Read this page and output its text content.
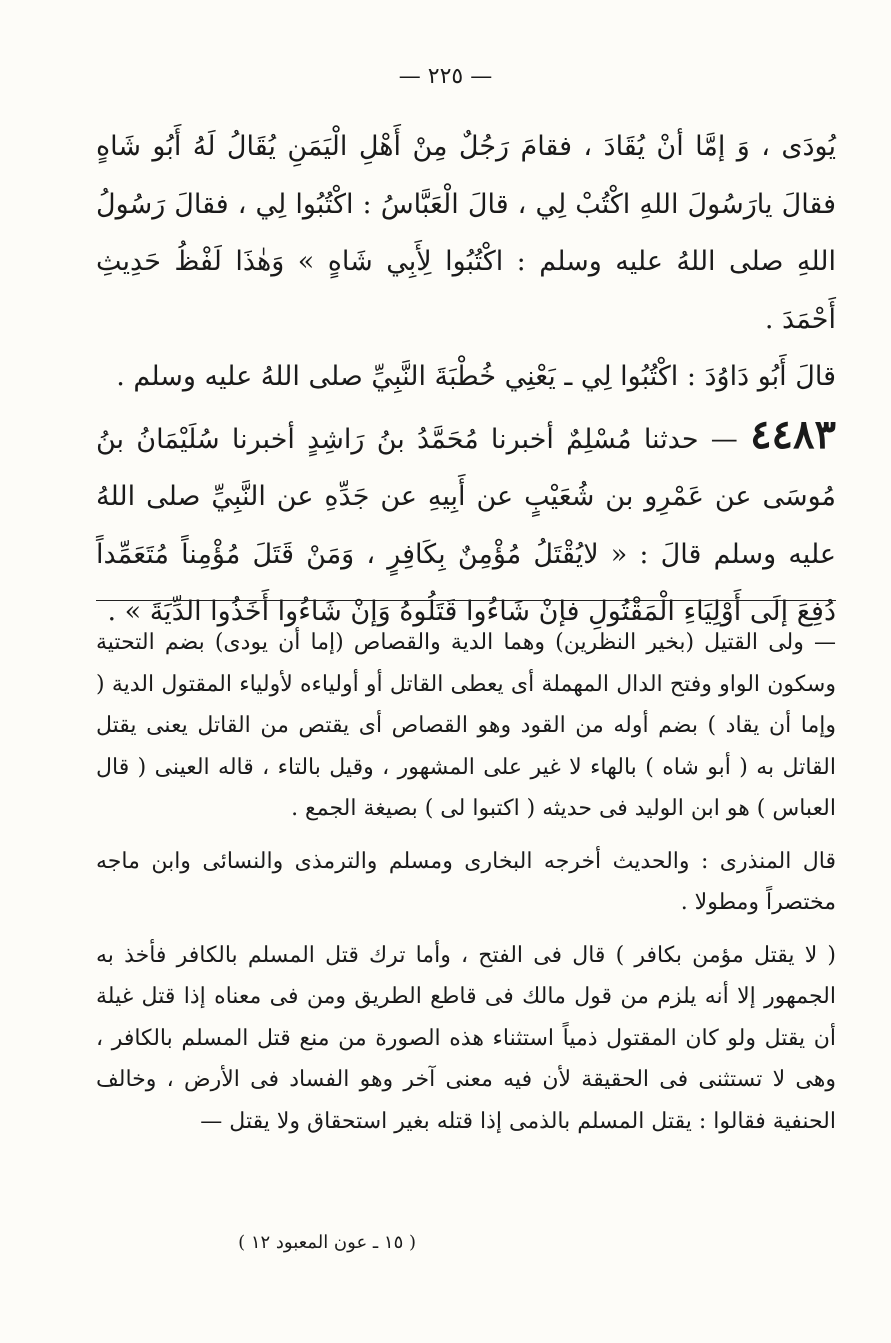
— ٢٢٥ —

يُودَى ، وَ إمَّا أنْ يُقَادَ ، فقامَ رَجُلٌ مِنْ أَهْلِ الْيَمَنِ يُقَالُ لَهُ أَبُو شَاهٍ فقالَ يارَسُولَ اللهِ اكْتُبْ لِي ، قالَ الْعَبَّاسُ : اكْتُبُوا لِي ، فقالَ رَسُولُ اللهِ صلى اللهُ عليه وسلم : اكْتُبُوا لِأَبِي شَاهٍ » وَهٰذَا لَفْظُ حَدِيثِ أَحْمَدَ .

قالَ أَبُو دَاوُدَ : اكْتُبُوا لِي ـ يَعْنِي خُطْبَةَ النَّبِيِّ صلى اللهُ عليه وسلم .

٤٤٨٣ — حدثنا مُسْلِمٌ أخبرنا مُحَمَّدُ بنُ رَاشِدٍ أخبرنا سُلَيْمَانُ بنُ مُوسَى عن عَمْرِو بن شُعَيْبٍ عن أَبِيهِ عن جَدِّهِ عن النَّبِيِّ صلى اللهُ عليه وسلم قالَ : « لايُقْتَلُ مُؤْمِنٌ بِكَافِرٍ ، وَمَنْ قَتَلَ مُؤْمِناً مُتَعَمِّداً دُفِعَ إلَى أَوْلِيَاءِ الْمَقْتُولِ فإنْ شَاءُوا قَتَلُوهُ وَإنْ شَاءُوا أَخَذُوا الدِّيَةَ » .

— ولى القتيل (بخير النظرين) وهما الدية والقصاص (إما أن يودى) بضم التحتية وسكون الواو وفتح الدال المهملة أى يعطى القاتل أو أولياءه لأولياء المقتول الدية ( وإما أن يقاد ) بضم أوله من القود وهو القصاص أى يقتص من القاتل يعنى يقتل القاتل به ( أبو شاه ) بالهاء لا غير على المشهور ، وقيل بالتاء ، قاله العينى ( قال العباس ) هو ابن الوليد فى حديثه ( اكتبوا لى ) بصيغة الجمع .

قال المنذرى : والحديث أخرجه البخارى ومسلم والترمذى والنسائى وابن ماجه مختصراً ومطولا .

( لا يقتل مؤمن بكافر ) قال فى الفتح ، وأما ترك قتل المسلم بالكافر فأخذ به الجمهور إلا أنه يلزم من قول مالك فى قاطع الطريق ومن فى معناه إذا قتل غيلة أن يقتل ولو كان المقتول ذمياً استثناء هذه الصورة من منع قتل المسلم بالكافر ، وهى لا تستثنى فى الحقيقة لأن فيه معنى آخر وهو الفساد فى الأرض ، وخالف الحنفية فقالوا : يقتل المسلم بالذمى إذا قتله بغير استحقاق ولا يقتل —

( ١٥ ـ عون المعبود ١٢ )
